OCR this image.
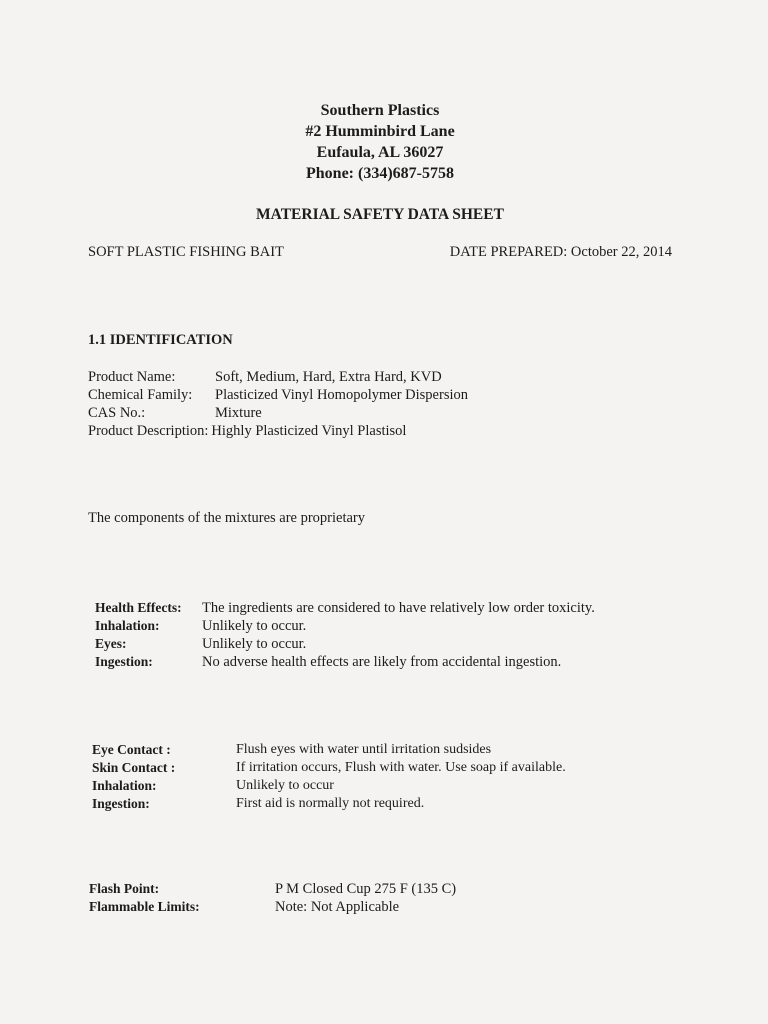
Southern Plastics
#2 Humminbird Lane
Eufaula, AL 36027
Phone: (334)687-5758
MATERIAL SAFETY DATA SHEET
SOFT PLASTIC FISHING BAIT	DATE PREPARED: October 22, 2014
1.1 IDENTIFICATION
Product Name:	Soft, Medium, Hard, Extra Hard, KVD
Chemical Family: Plasticized Vinyl Homopolymer Dispersion
CAS No.:	Mixture
Product Description: Highly Plasticized Vinyl Plastisol
The components of the mixtures are proprietary
Health Effects: The ingredients are considered to have relatively low order toxicity.
Inhalation:	Unlikely to occur.
Eyes:	Unlikely to occur.
Ingestion:	No adverse health effects are likely from accidental ingestion.
Eye Contact :	Flush eyes with water until irritation sudsides
Skin Contact :	If irritation occurs, Flush with water. Use soap if available.
Inhalation:	Unlikely to occur
Ingestion:	First aid is normally not required.
Flash Point:	P M Closed Cup 275 F (135 C)
Flammable Limits:	Note: Not Applicable
